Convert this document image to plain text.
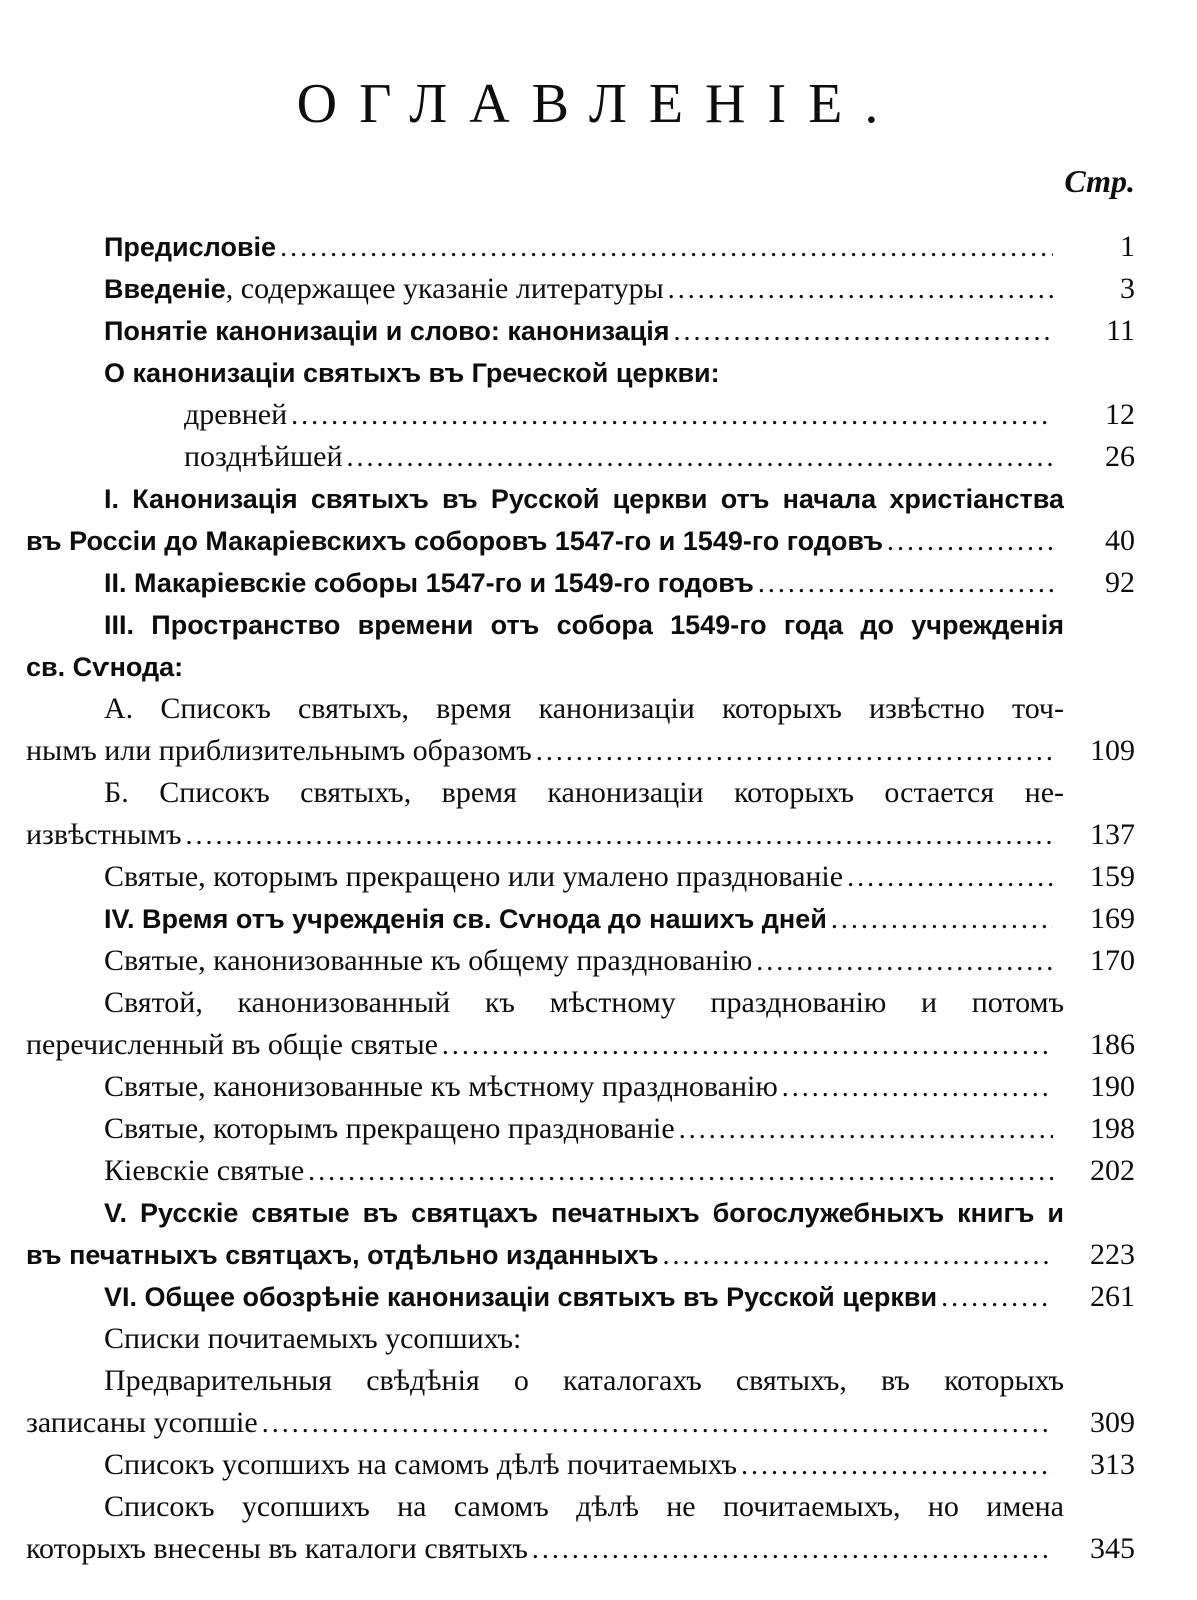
ОГЛАВЛЕНІЕ.
Стр.
Предисловіе . . .	1
Введеніе, содержащее указаніе литературы . . .	3
Понятіе канонизаціи и слово: канонизація . . .	11
О канонизаціи святыхъ въ Греческой церкви:
древней . . .	12
позднѣйшей . . .	26
I. Канонизація святыхъ въ Русской церкви отъ начала христіанства
въ Россіи до Макаріевскихъ соборовъ 1547-го и 1549-го годовъ . . .	40
II. Макаріевскіе соборы 1547-го и 1549-го годовъ . . .	92
III. Пространство времени отъ собора 1549-го года до учрежденія
св. Сѵнода:
А. Списокъ святыхъ, время канонизаціи которыхъ извѣстно точ-
нымъ или приблизительнымъ образомъ . . .	109
Б. Списокъ святыхъ, время канонизаціи которыхъ остается не-
извѣстнымъ . . .	137
Святые, которымъ прекращено или умалено празднованіе . . .	159
IV. Время отъ учрежденія св. Сѵнода до нашихъ дней . . .	169
Святые, канонизованные къ общему празднованію . . .	170
Святой, канонизованный къ мѣстному празднованію и потомъ
перечисленный въ общіе святые . . .	186
Святые, канонизованные къ мѣстному празднованію . . .	190
Святые, которымъ прекращено празднованіе . . .	198
Кіевскіе святые . . .	202
V. Русскіе святые въ святцахъ печатныхъ богослужебныхъ книгъ и
въ печатныхъ святцахъ, отдѣльно изданныхъ . . .	223
VI. Общее обозрѣніе канонизаціи святыхъ въ Русской церкви . . .	261
Списки почитаемыхъ усопшихъ:
Предварительныя свѣдѣнія о каталогахъ святыхъ, въ которыхъ
записаны усопшіе . . .	309
Списокъ усопшихъ на самомъ дѣлѣ почитаемыхъ . . .	313
Списокъ усопшихъ на самомъ дѣлѣ не почитаемыхъ, но имена
которыхъ внесены въ каталоги святыхъ . . .	345
